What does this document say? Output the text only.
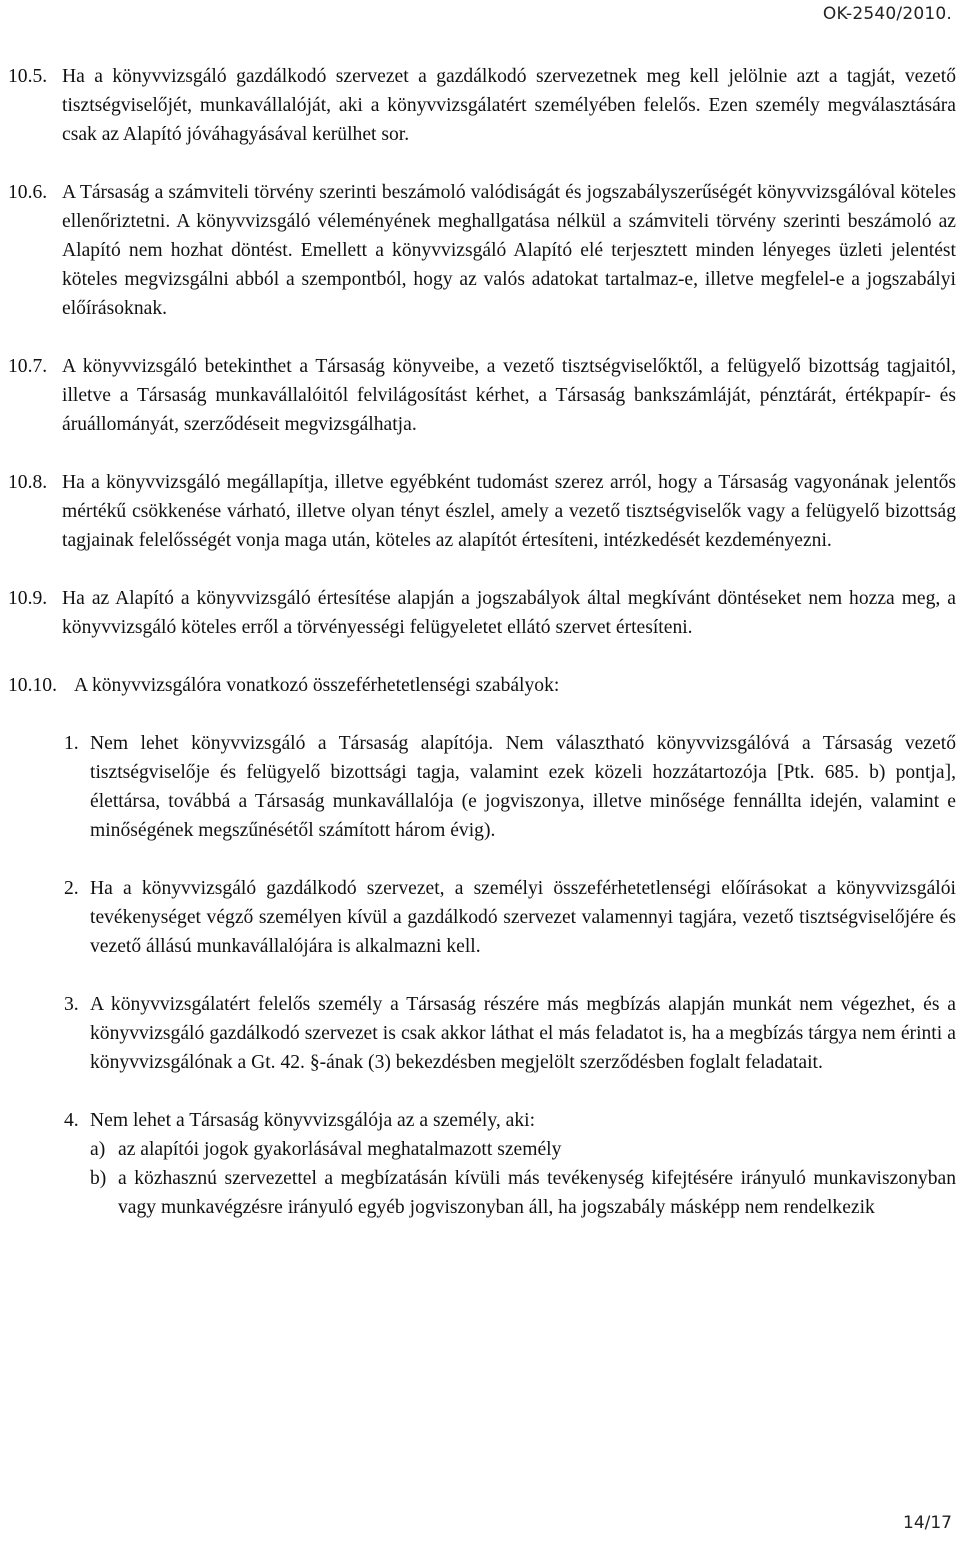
OK-2540/2010.
10.5. Ha a könyvvizsgáló gazdálkodó szervezet a gazdálkodó szervezetnek meg kell jelölnie azt a tagját, vezető tisztségviselőjét, munkavállalóját, aki a könyvvizsgálatért személyében felelős. Ezen személy megválasztására csak az Alapító jóváhagyásával kerülhet sor.
10.6. A Társaság a számviteli törvény szerinti beszámoló valódiságát és jogszabályszerűségét könyvvizsgálóval köteles ellenőriztetni. A könyvvizsgáló véleményének meghallgatása nélkül a számviteli törvény szerinti beszámoló az Alapító nem hozhat döntést. Emellett a könyvvizsgáló Alapító elé terjesztett minden lényeges üzleti jelentést köteles megvizsgálni abból a szempontból, hogy az valós adatokat tartalmaz-e, illetve megfelel-e a jogszabályi előírásoknak.
10.7. A könyvvizsgáló betekinthet a Társaság könyveibe, a vezető tisztségviselőktől, a felügyelő bizottság tagjaitól, illetve a Társaság munkavállalóitól felvilágosítást kérhet, a Társaság bankszámláját, pénztárát, értékpapír- és áruállományát, szerződéseit megvizsgálhatja.
10.8. Ha a könyvvizsgáló megállapítja, illetve egyébként tudomást szerez arról, hogy a Társaság vagyonának jelentős mértékű csökkenése várható, illetve olyan tényt észlel, amely a vezető tisztségviselők vagy a felügyelő bizottság tagjainak felelősségét vonja maga után, köteles az alapítót értesíteni, intézkedését kezdeményezni.
10.9. Ha az Alapító a könyvvizsgáló értesítése alapján a jogszabályok által megkívánt döntéseket nem hozza meg, a könyvvizsgáló köteles erről a törvényességi felügyeletet ellátó szervet értesíteni.
10.10. A könyvvizsgálóra vonatkozó összeférhetetlenségi szabályok:
1. Nem lehet könyvvizsgáló a Társaság alapítója. Nem választható könyvvizsgálóvá a Társaság vezető tisztségviselője és felügyelő bizottsági tagja, valamint ezek közeli hozzátartozója [Ptk. 685. b) pontja], élettársa, továbbá a Társaság munkavállalója (e jogviszonya, illetve minősége fennállta idején, valamint e minőségének megszűnésétől számított három évig).
2. Ha a könyvvizsgáló gazdálkodó szervezet, a személyi összeférhetetlenségi előírásokat a könyvvizsgálói tevékenységet végző személyen kívül a gazdálkodó szervezet valamennyi tagjára, vezető tisztségviselőjére és vezető állású munkavállalójára is alkalmazni kell.
3. A könyvvizsgálatért felelős személy a Társaság részére más megbízás alapján munkát nem végezhet, és a könyvvizsgáló gazdálkodó szervezet is csak akkor láthat el más feladatot is, ha a megbízás tárgya nem érinti a könyvvizsgálónak a Gt. 42. §-ának (3) bekezdésben megjelölt szerződésben foglalt feladatait.
4. Nem lehet a Társaság könyvvizsgálója az a személy, aki:
a) az alapítói jogok gyakorlásával meghatalmazott személy
b) a közhasznú szervezettel a megbízatásán kívüli más tevékenység kifejtésére irányuló munkaviszonyban vagy munkavégzésre irányuló egyéb jogviszonyban áll, ha jogszabály másképp nem rendelkezik
14/17
